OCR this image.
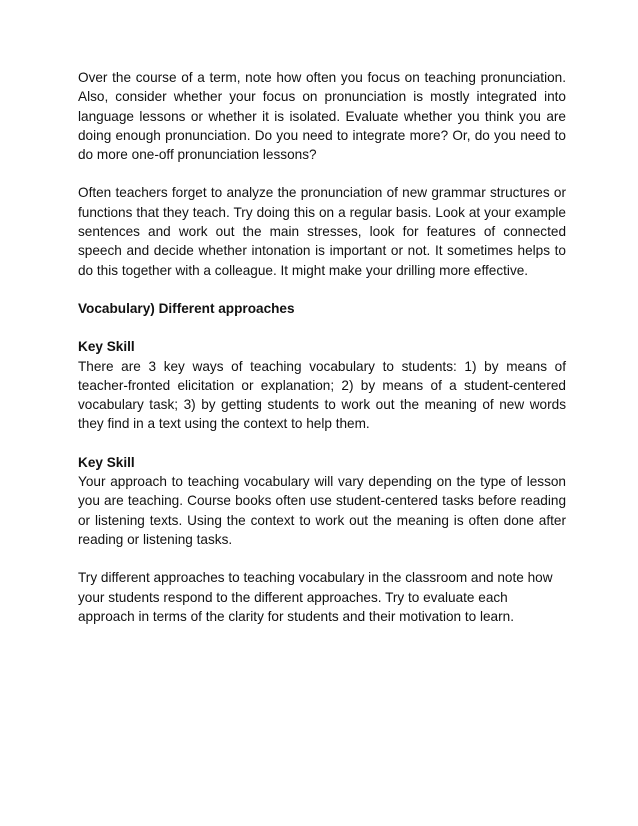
Over the course of a term, note how often you focus on teaching pronunciation. Also, consider whether your focus on pronunciation is mostly integrated into language lessons or whether it is isolated. Evaluate whether you think you are doing enough pronunciation. Do you need to integrate more? Or, do you need to do more one-off pronunciation lessons?

Often teachers forget to analyze the pronunciation of new grammar structures or functions that they teach. Try doing this on a regular basis. Look at your example sentences and work out the main stresses, look for features of connected speech and decide whether intonation is important or not. It sometimes helps to do this together with a colleague. It might make your drilling more effective.

Vocabulary) Different approaches
Key Skill

There are 3 key ways of teaching vocabulary to students: 1) by means of teacher-fronted elicitation or explanation; 2) by means of a student-centered vocabulary task; 3) by getting students to work out the meaning of new words they find in a text using the context to help them.

Key Skill

Your approach to teaching vocabulary will vary depending on the type of lesson you are teaching. Course books often use student-centered tasks before reading or listening texts. Using the context to work out the meaning is often done after reading or listening tasks.

Try different approaches to teaching vocabulary in the classroom and note how your students respond to the different approaches. Try to evaluate each approach in terms of the clarity for students and their motivation to learn.
